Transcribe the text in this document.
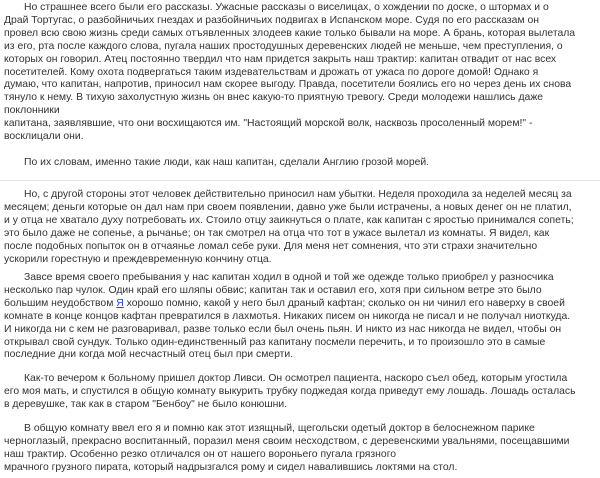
Но страшнее всего были его рассказы. Ужасные рассказы о виселицах, о хождении по доске, о штормах и о
Драй Тортугас, о разбойничьих гнездах и разбойничьих подвигах в Испанском море. Судя по его рассказам он
провел всю свою жизнь среди самых отъявленных злодеев какие только бывали на море. А брань, которая вылетала
из его, рта после каждого слова, пугала наших простодушных деревенских людей не меньше, чем преступления, о
которых он говорил. Атец постоянно твердил что нам придется закрыть наш трактир: капитан отвадит от нас всех
посетителей. Кому охота подвергаться таким издевательствам и дрожать от ужаса по дороге домой! Однако я
думаю, что капитан, напротив, приносил нам скорее выгоду. Правда, посетители боялись его но через день их снова
тянуло к нему. В тихую захолустную жизнь он внес какую-то приятную тревогу. Среди молодежи нашлись даже
поклонники
капитана, заявлявшие, что они восхищаются им. "Настоящий морской волк, насквозь просоленный морем!" -
восклицали они.
По их словам, именно такие люди, как наш капитан, сделали Англию грозой морей.
Но, с другой стороны этот человек действительно приносил нам убытки. Неделя проходила за неделей месяц за
месяцем; деньги которые он дал нам при своем появлении, давно уже были истрачены, а новых денег он не платил,
и у отца не хватало духу потребовать их. Стоило отцу заикнуться о плате, как капитан с яростью принимался сопеть;
это было даже не сопенье, а рычанье; он так смотрел на отца что тот в ужасе вылетал из комнаты. Я видел, как
после подобных попыток он в отчаянье ломал себе руки. Для меня нет сомнения, что эти страхи значительно
ускорили горестную и преждевременную кончину отца.
Завсе время своего пребывания у нас капитан ходил в одной и той же одежде только приобрел у разносчика
несколько пар чулок. Один край его шляпы обвис; капитан так и оставил его, хотя при сильном ветре это было
большим неудобством Я хорошо помню, какой у него был драный кафтан; сколько он ни чинил его наверху в своей
комнате в конце концов кафтан превратился в лахмотья. Никаких писем он никогда не писал и не получал ниоткуда.
И никогда ни с кем не разговаривал, разве только если был очень пьян. И никто из нас никогда не видел, чтобы он
открывал свой сундук. Только один-единственный раз капитану посмели перечить, и то произошло это в самые
последние дни когда мой несчастный отец был при смерти.
Как-то вечером к больному пришел доктор Ливси. Он осмотрел пациента, наскоро съел обед, которым угостила
его моя мать, и спустился в общую комнату выкурить трубку поджедая когда приведут ему лошадь. Лошадь осталась
в деревушке, так как в старом "Бенбоу" не было конюшни.
В общую комнату ввел его я и помню как этот изящный, щегольски одетый доктор в белоснежном парике
черноглазый, прекрасно воспитанный, поразил меня своим несходством, с деревенскими увальнями, посещавшими
наш трактир. Особенно резко отличался он от нашего вороньего пугала грязного
мрачного грузного пирата, который надрызгался рому и сидел навалившись локтями на стол.
